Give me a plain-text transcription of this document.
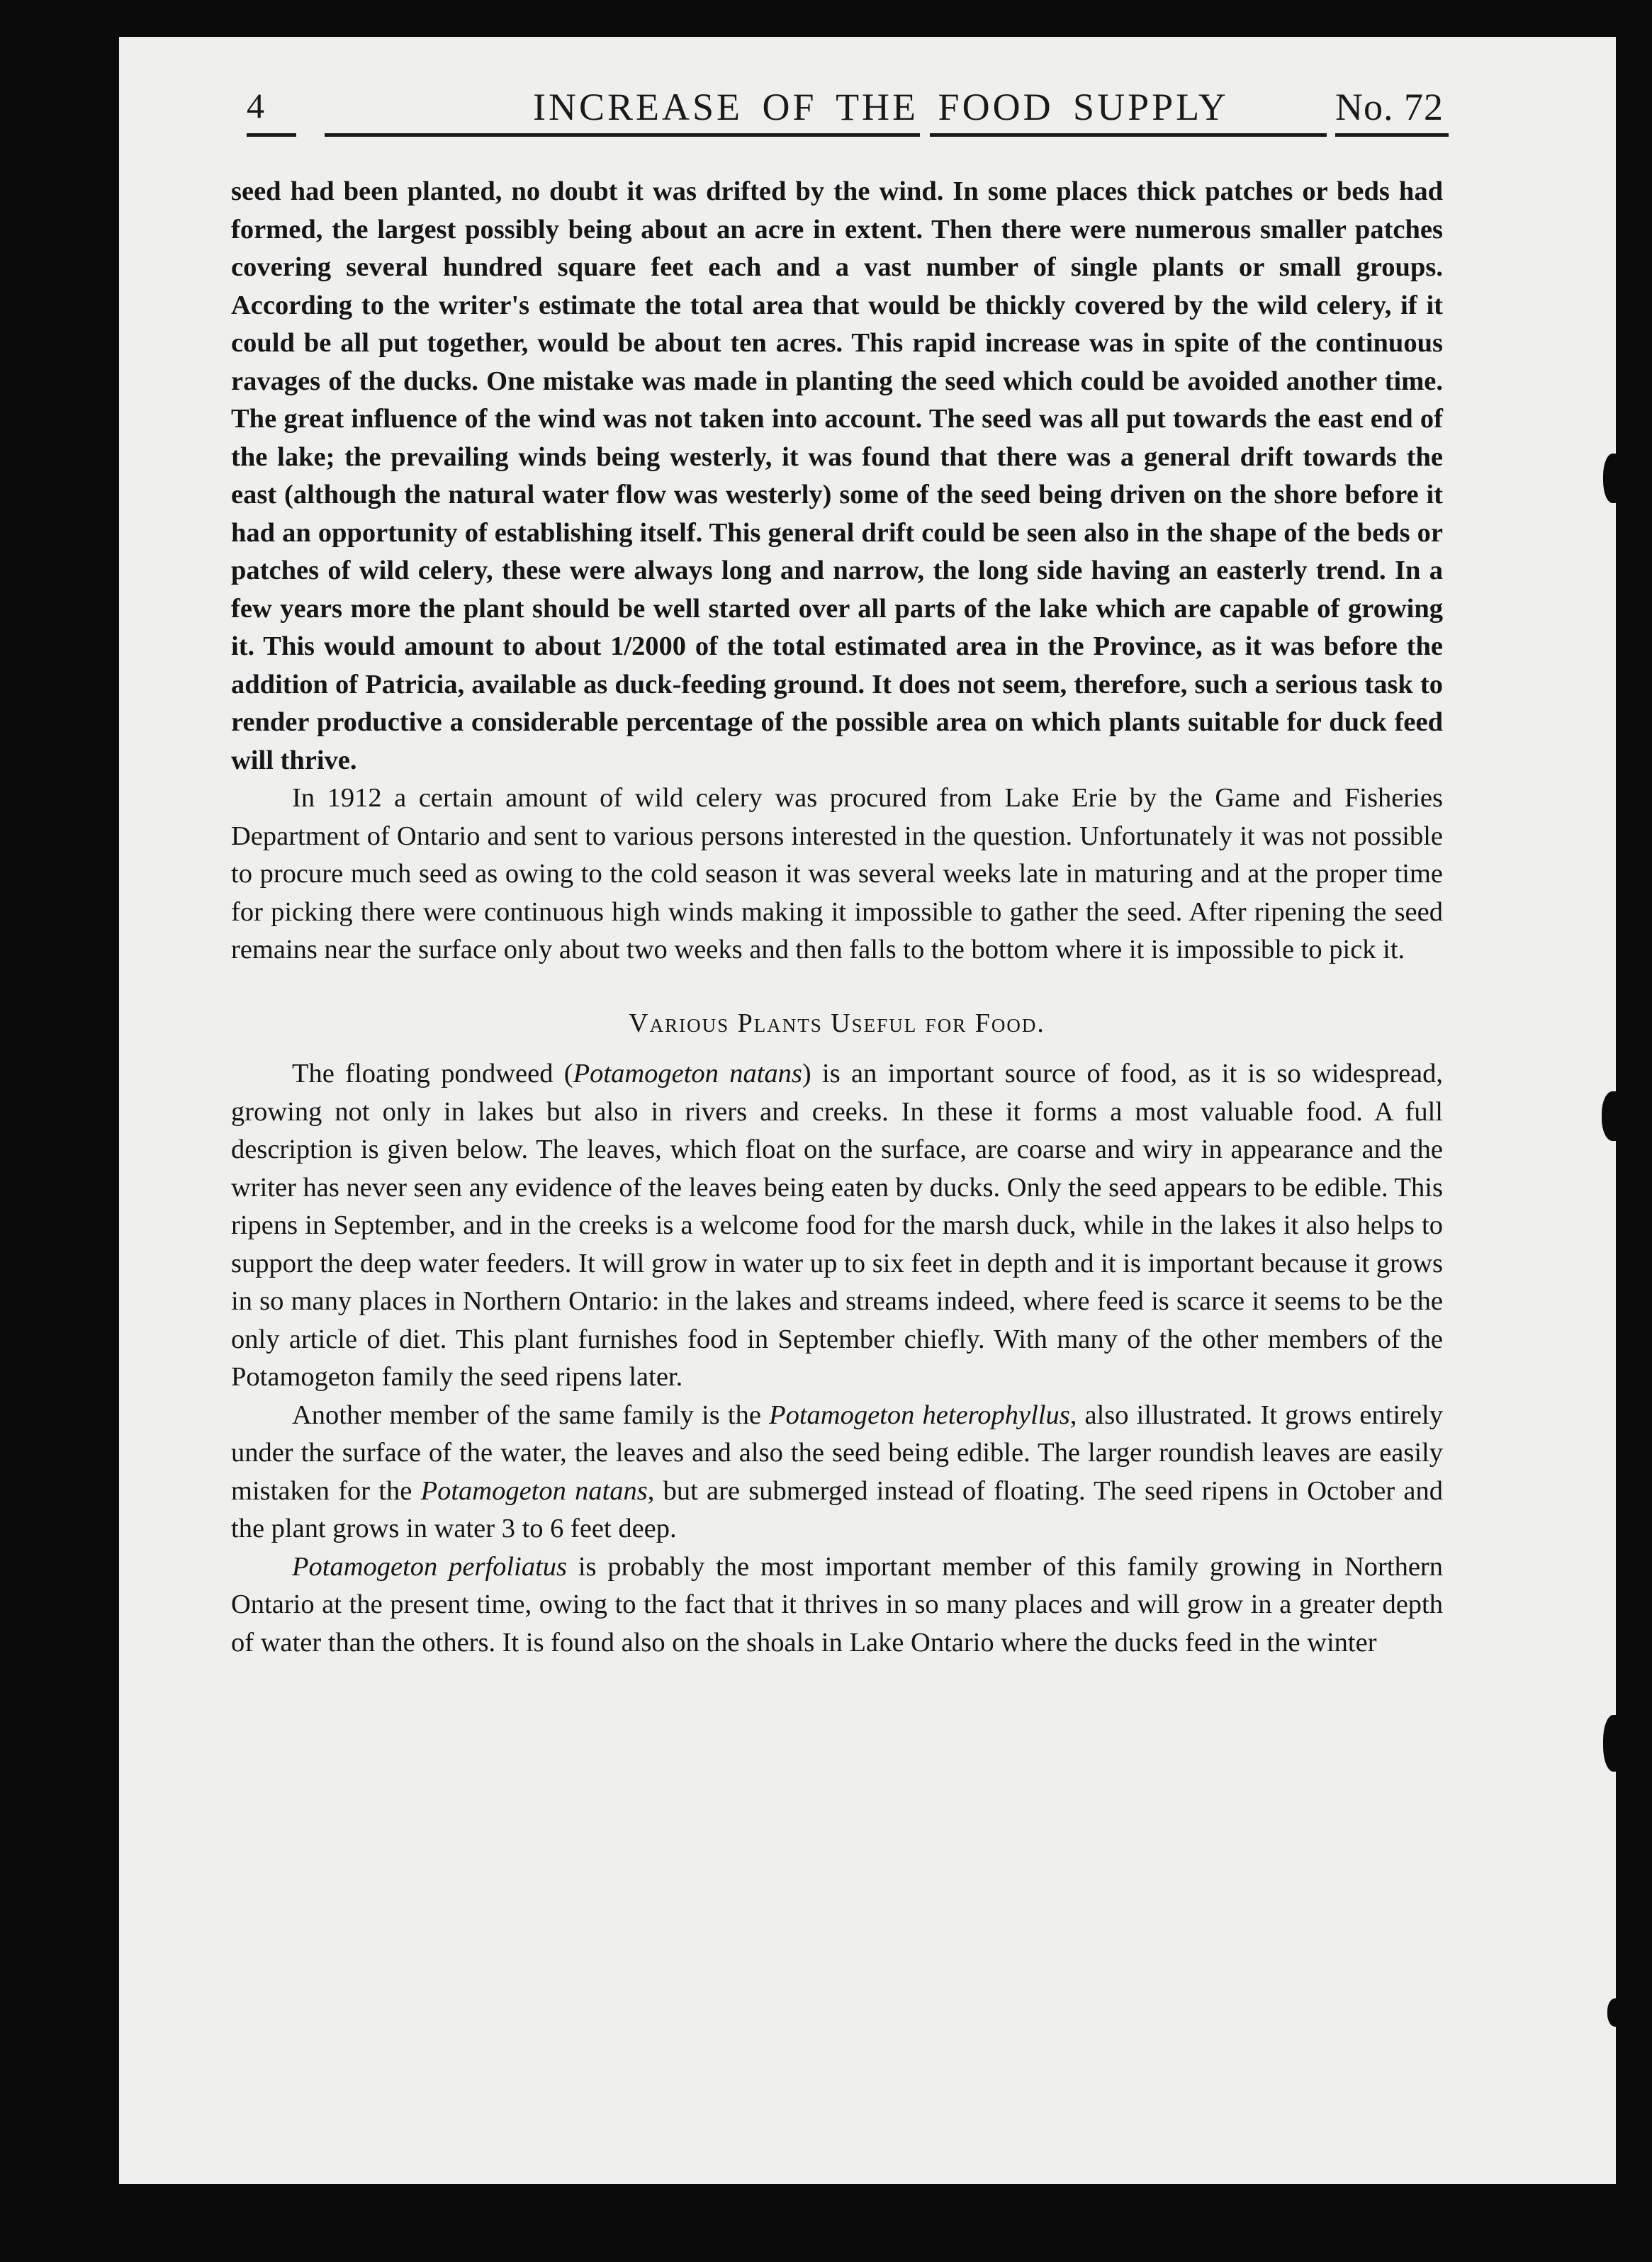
4	INCREASE OF THE FOOD SUPPLY	No. 72

seed had been planted, no doubt it was drifted by the wind. In some places thick patches or beds had formed, the largest possibly being about an acre in extent. Then there were numerous smaller patches covering several hundred square feet each and a vast number of single plants or small groups. According to the writer's estimate the total area that would be thickly covered by the wild celery, if it could be all put together, would be about ten acres. This rapid increase was in spite of the continuous ravages of the ducks. One mistake was made in planting the seed which could be avoided another time. The great influence of the wind was not taken into account. The seed was all put towards the east end of the lake; the prevailing winds being westerly, it was found that there was a general drift towards the east (although the natural water flow was westerly) some of the seed being driven on the shore before it had an opportunity of establishing itself. This general drift could be seen also in the shape of the beds or patches of wild celery, these were always long and narrow, the long side having an easterly trend. In a few years more the plant should be well started over all parts of the lake which are capable of growing it. This would amount to about 1/2000 of the total estimated area in the Province, as it was before the addition of Patricia, available as duck-feeding ground. It does not seem, therefore, such a serious task to render productive a considerable percentage of the possible area on which plants suitable for duck feed will thrive.

In 1912 a certain amount of wild celery was procured from Lake Erie by the Game and Fisheries Department of Ontario and sent to various persons interested in the question. Unfortunately it was not possible to procure much seed as owing to the cold season it was several weeks late in maturing and at the proper time for picking there were continuous high winds making it impossible to gather the seed. After ripening the seed remains near the surface only about two weeks and then falls to the bottom where it is impossible to pick it.

Various Plants Useful for Food.

The floating pondweed (Potamogeton natans) is an important source of food, as it is so widespread, growing not only in lakes but also in rivers and creeks. In these it forms a most valuable food. A full description is given below. The leaves, which float on the surface, are coarse and wiry in appearance and the writer has never seen any evidence of the leaves being eaten by ducks. Only the seed appears to be edible. This ripens in September, and in the creeks is a welcome food for the marsh duck, while in the lakes it also helps to support the deep water feeders. It will grow in water up to six feet in depth and it is important because it grows in so many places in Northern Ontario: in the lakes and streams indeed, where feed is scarce it seems to be the only article of diet. This plant furnishes food in September chiefly. With many of the other members of the Potamogeton family the seed ripens later.

Another member of the same family is the Potamogeton heterophyllus, also illustrated. It grows entirely under the surface of the water, the leaves and also the seed being edible. The larger roundish leaves are easily mistaken for the Potamogeton natans, but are submerged instead of floating. The seed ripens in October and the plant grows in water 3 to 6 feet deep.

Potamogeton perfoliatus is probably the most important member of this family growing in Northern Ontario at the present time, owing to the fact that it thrives in so many places and will grow in a greater depth of water than the others. It is found also on the shoals in Lake Ontario where the ducks feed in the winter
